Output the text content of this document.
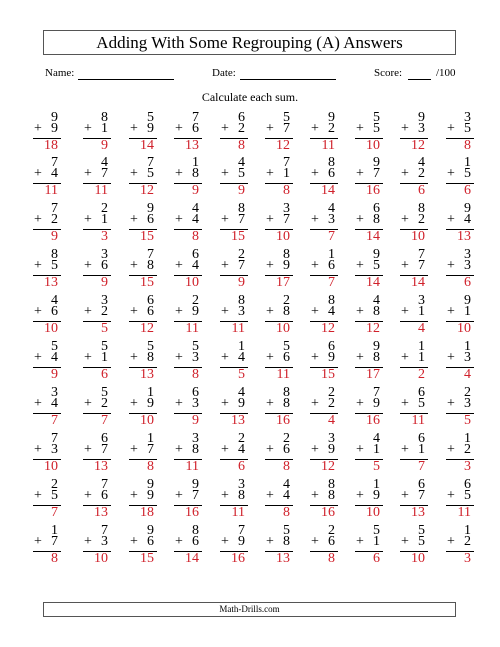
Adding With Some Regrouping (A) Answers
Name:	Date:	Score:	/100
Calculate each sum.
9
+ 9
18
8
+ 1
9
5
+ 9
14
7
+ 6
13
6
+ 2
8
5
+ 7
12
9
+ 2
11
5
+ 5
10
9
+ 3
12
3
+ 5
8
7
+ 4
11
4
+ 7
11
7
+ 5
12
1
+ 8
9
4
+ 5
9
7
+ 1
8
8
+ 6
14
9
+ 7
16
4
+ 2
6
1
+ 5
6
7
+ 2
9
2
+ 1
3
9
+ 6
15
4
+ 4
8
8
+ 7
15
3
+ 7
10
4
+ 3
7
6
+ 8
14
8
+ 2
10
9
+ 4
13
8
+ 5
13
3
+ 6
9
7
+ 8
15
6
+ 4
10
2
+ 7
9
8
+ 9
17
1
+ 6
7
9
+ 5
14
7
+ 7
14
3
+ 3
6
4
+ 6
10
3
+ 2
5
6
+ 6
12
2
+ 9
11
8
+ 3
11
2
+ 8
10
8
+ 4
12
4
+ 8
12
3
+ 1
4
9
+ 1
10
5
+ 4
9
5
+ 1
6
5
+ 8
13
5
+ 3
8
1
+ 4
5
5
+ 6
11
6
+ 9
15
9
+ 8
17
1
+ 1
2
1
+ 3
4
3
+ 4
7
5
+ 2
7
1
+ 9
10
6
+ 3
9
4
+ 9
13
8
+ 8
16
2
+ 2
4
7
+ 9
16
6
+ 5
11
2
+ 3
5
7
+ 3
10
6
+ 7
13
1
+ 7
8
3
+ 8
11
2
+ 4
6
2
+ 6
8
3
+ 9
12
4
+ 1
5
6
+ 1
7
1
+ 2
3
2
+ 5
7
7
+ 6
13
9
+ 9
18
9
+ 7
16
3
+ 8
11
4
+ 4
8
8
+ 8
16
1
+ 9
10
6
+ 7
13
6
+ 5
11
1
+ 7
8
7
+ 3
10
9
+ 6
15
8
+ 6
14
7
+ 9
16
5
+ 8
13
2
+ 6
8
5
+ 1
6
5
+ 5
10
1
+ 2
3
Math-Drills.com
